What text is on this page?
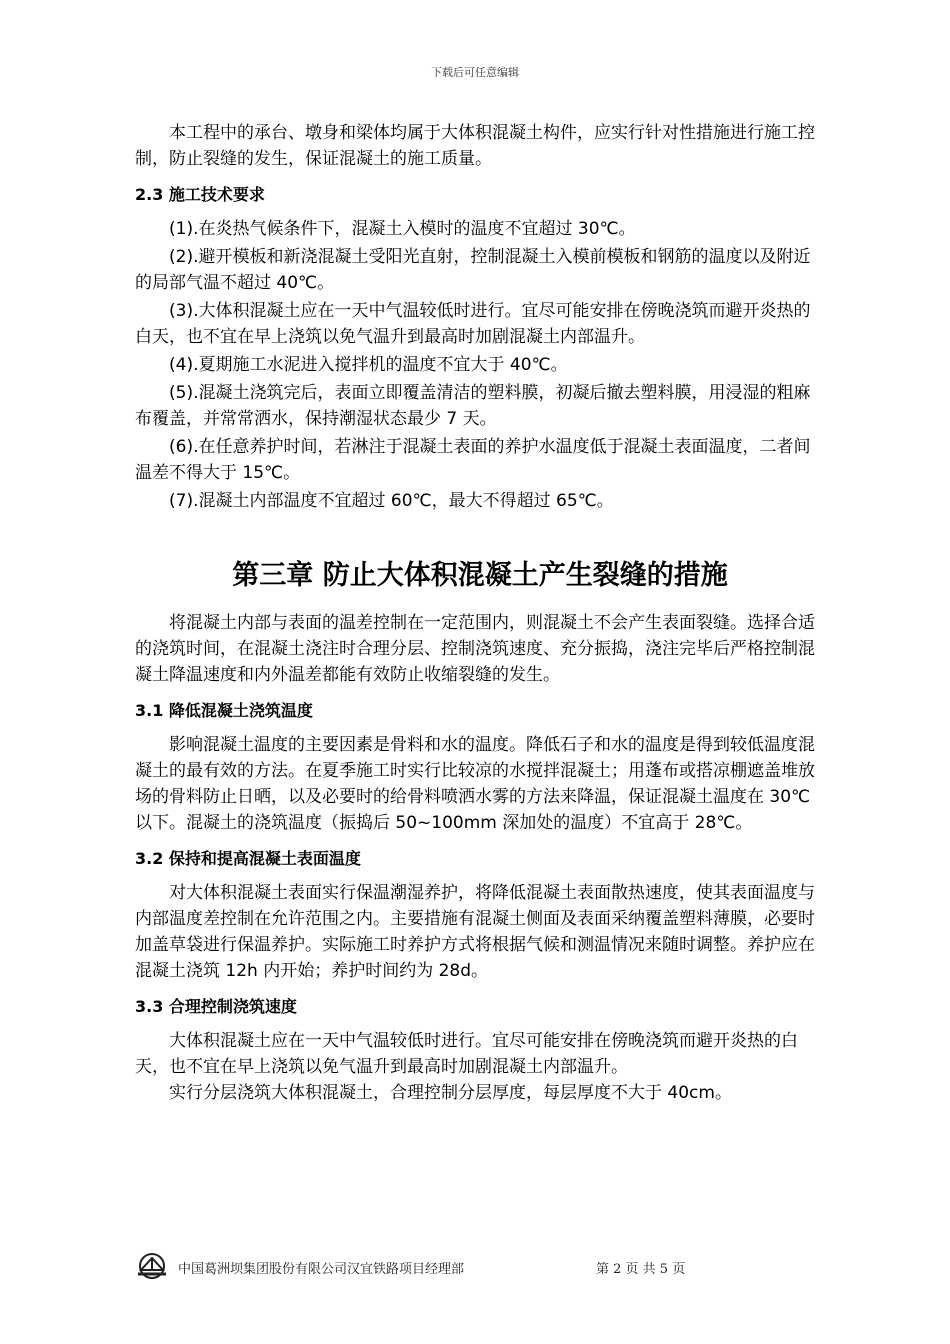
下载后可任意编辑

本工程中的承台、墩身和梁体均属于大体积混凝土构件，应实行针对性措施进行施工控制，防止裂缝的发生，保证混凝土的施工质量。

2.3 施工技术要求

(1).在炎热气候条件下，混凝土入模时的温度不宜超过 30℃。

(2).避开模板和新浇混凝土受阳光直射，控制混凝土入模前模板和钢筋的温度以及附近的局部气温不超过 40℃。

(3).大体积混凝土应在一天中气温较低时进行。宜尽可能安排在傍晚浇筑而避开炎热的白天，也不宜在早上浇筑以免气温升到最高时加剧混凝土内部温升。

(4).夏期施工水泥进入搅拌机的温度不宜大于 40℃。

(5).混凝土浇筑完后，表面立即覆盖清洁的塑料膜，初凝后撤去塑料膜，用浸湿的粗麻布覆盖，并常常洒水，保持潮湿状态最少 7 天。

(6).在任意养护时间，若淋注于混凝土表面的养护水温度低于混凝土表面温度，二者间温差不得大于 15℃。

(7).混凝土内部温度不宜超过 60℃，最大不得超过 65℃。

第三章 防止大体积混凝土产生裂缝的措施

将混凝土内部与表面的温差控制在一定范围内，则混凝土不会产生表面裂缝。选择合适的浇筑时间，在混凝土浇注时合理分层、控制浇筑速度、充分振捣，浇注完毕后严格控制混凝土降温速度和内外温差都能有效防止收缩裂缝的发生。

3.1 降低混凝土浇筑温度

影响混凝土温度的主要因素是骨料和水的温度。降低石子和水的温度是得到较低温度混凝土的最有效的方法。在夏季施工时实行比较凉的水搅拌混凝土；用蓬布或搭凉棚遮盖堆放场的骨料防止日晒，以及必要时的给骨料喷洒水雾的方法来降温，保证混凝土温度在 30℃以下。混凝土的浇筑温度（振捣后 50~100mm 深加处的温度）不宜高于 28℃。

3.2 保持和提高混凝土表面温度

对大体积混凝土表面实行保温潮湿养护，将降低混凝土表面散热速度，使其表面温度与内部温度差控制在允许范围之内。主要措施有混凝土侧面及表面采纳覆盖塑料薄膜，必要时加盖草袋进行保温养护。实际施工时养护方式将根据气候和测温情况来随时调整。养护应在混凝土浇筑 12h 内开始；养护时间约为 28d。

3.3 合理控制浇筑速度

大体积混凝土应在一天中气温较低时进行。宜尽可能安排在傍晚浇筑而避开炎热的白天，也不宜在早上浇筑以免气温升到最高时加剧混凝土内部温升。

实行分层浇筑大体积混凝土，合理控制分层厚度，每层厚度不大于 40cm。

中国葛洲坝集团股份有限公司汉宜铁路项目经理部	第 2 页 共 5 页
